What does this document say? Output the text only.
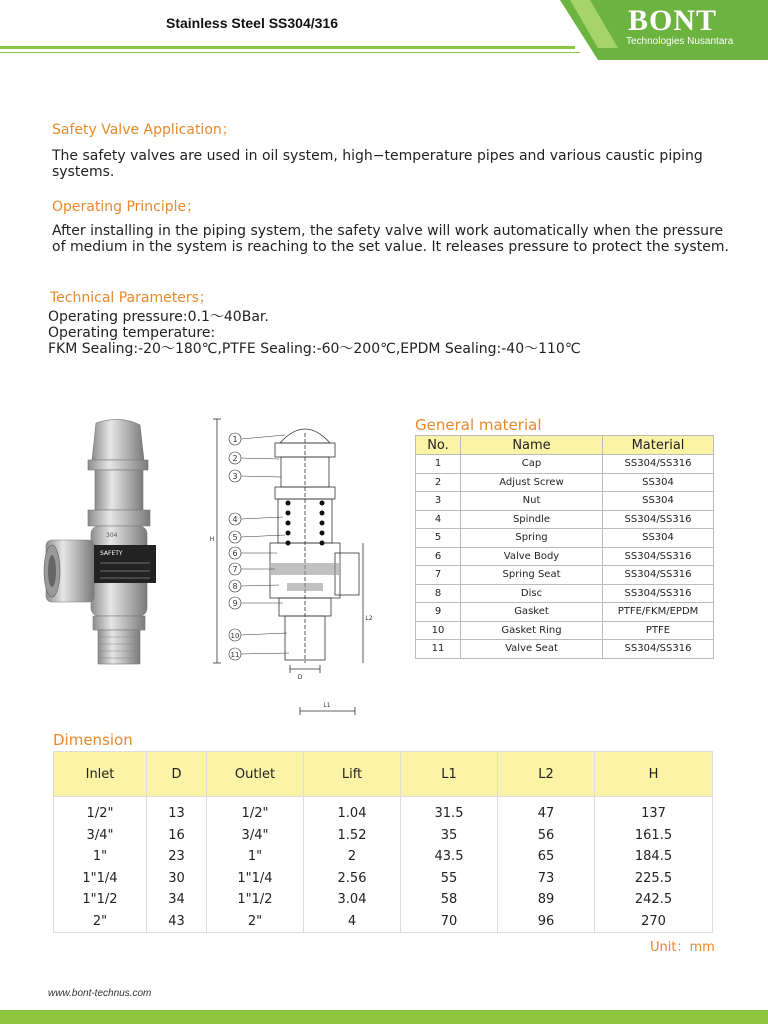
Stainless Steel SS304/316	BONT
Technologies Nusantara
Safety Valve Application；
The safety valves are used in oil system, high−temperature pipes and various caustic piping systems.
Operating Principle；
After installing in the piping system, the safety valve will work automatically when the pressure of medium in the system is reaching to the set value. It releases pressure to protect the system.
Technical Parameters；
Operating pressure:0.1～40Bar.
Operating temperature:
FKM Sealing:-20～180℃,PTFE Sealing:-60～200℃,EPDM Sealing:-40～110℃
SAFETY
304
1
2
3
4
5
6
7
8
9
10
11
H
L2
D
L1
General material
No.	Name	Material
1	Cap	SS304/SS316
2	Adjust Screw	SS304
3	Nut	SS304
4	Spindle	SS304/SS316
5	Spring	SS304
6	Valve Body	SS304/SS316
7	Spring Seat	SS304/SS316
8	Disc	SS304/SS316
9	Gasket	PTFE/FKM/EPDM
10	Gasket Ring	PTFE
11	Valve Seat	SS304/SS316
Dimension
Inlet	D	Outlet	Lift	L1	L2	H
1/2"	13	1/2"	1.04	31.5	47	137
3/4"	16	3/4"	1.52	35	56	161.5
1"	23	1"	2	43.5	65	184.5
1"1/4	30	1"1/4	2.56	55	73	225.5
1"1/2	34	1"1/2	3.04	58	89	242.5
2"	43	2"	4	70	96	270
Unit：mm
www.bont-technus.com
